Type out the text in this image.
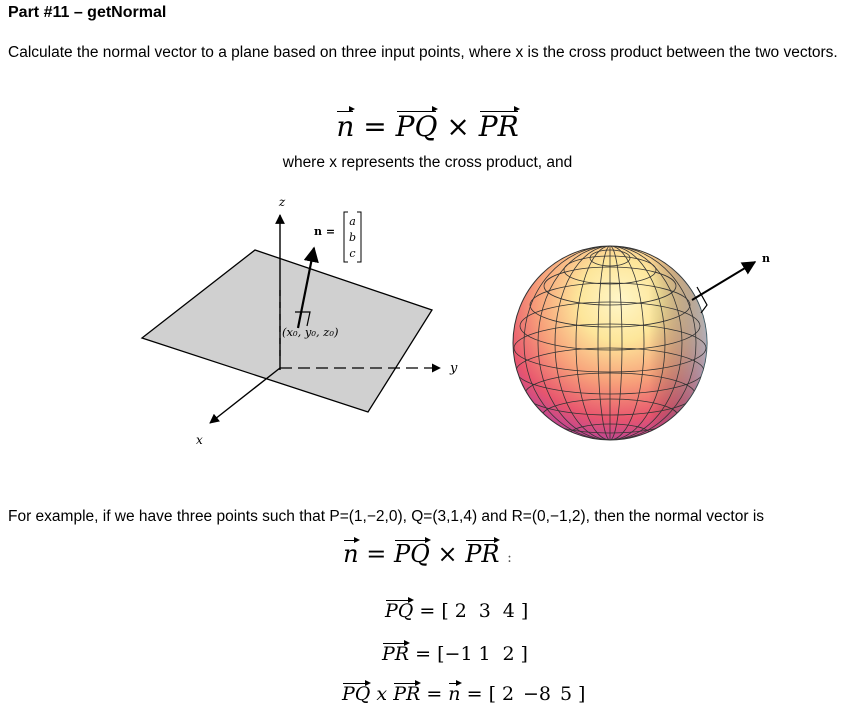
Part #11 – getNormal
Calculate the normal vector to a plane based on three input points, where x is the cross product between the two vectors.
n = PQ × PR
where x represents the cross product, and
z
y
x
n =
a
b
c
(x₀, y₀, z₀)
n
For example, if we have three points such that P=(1,−2,0), Q=(3,1,4) and R=(0,−1,2), then the normal vector is
n = PQ × PR :
PQ = [ 2 3 4 ]
PR = [−1 1 2 ]
PQ x PR = n = [ 2 −8 5 ]
